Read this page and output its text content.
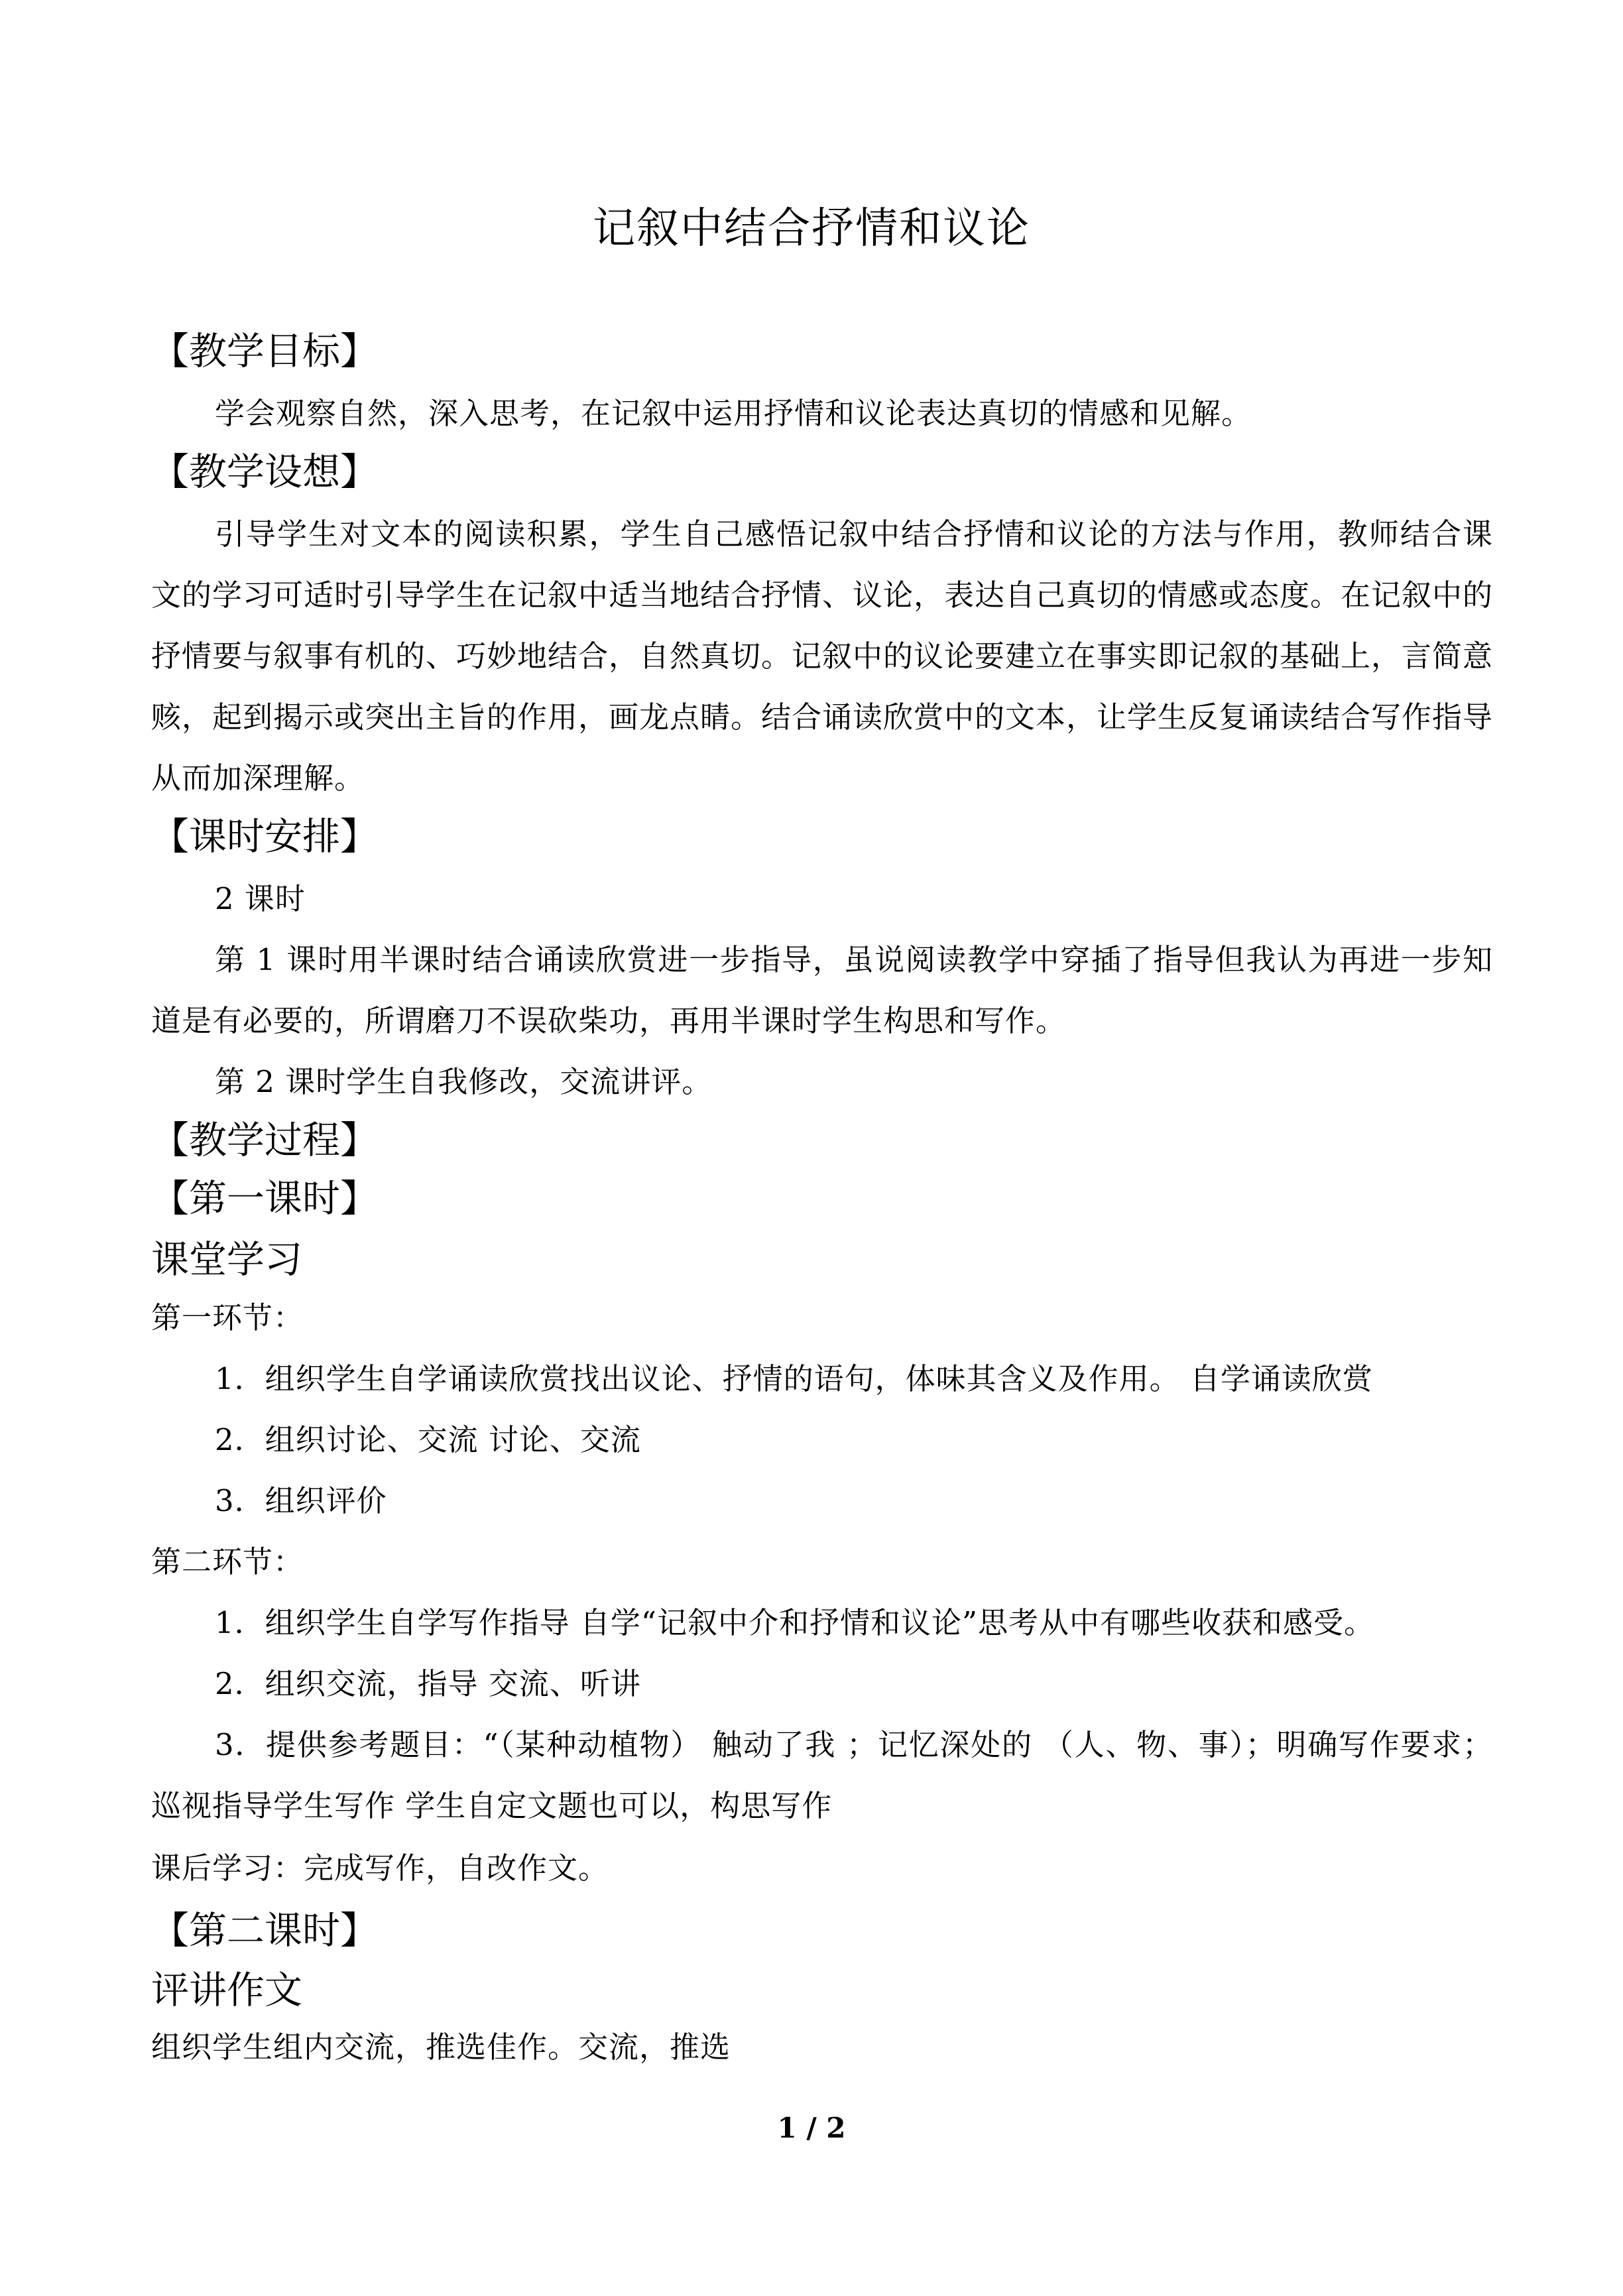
记叙中结合抒情和议论
【教学目标】
学会观察自然，深入思考，在记叙中运用抒情和议论表达真切的情感和见解。
【教学设想】
引导学生对文本的阅读积累，学生自己感悟记叙中结合抒情和议论的方法与作用，教师结合课文的学习可适时引导学生在记叙中适当地结合抒情、议论，表达自己真切的情感或态度。在记叙中的抒情要与叙事有机的、巧妙地结合，自然真切。记叙中的议论要建立在事实即记叙的基础上，言简意赅，起到揭示或突出主旨的作用，画龙点睛。结合诵读欣赏中的文本，让学生反复诵读结合写作指导从而加深理解。
【课时安排】
2 课时
第 1 课时用半课时结合诵读欣赏进一步指导，虽说阅读教学中穿插了指导但我认为再进一步知道是有必要的，所谓磨刀不误砍柴功，再用半课时学生构思和写作。
第 2 课时学生自我修改，交流讲评。
【教学过程】
【第一课时】
课堂学习
第一环节：
1．组织学生自学诵读欣赏找出议论、抒情的语句，体味其含义及作用。 自学诵读欣赏
2．组织讨论、交流 讨论、交流
3．组织评价
第二环节：
1．组织学生自学写作指导 自学“记叙中介和抒情和议论”思考从中有哪些收获和感受。
2．组织交流，指导 交流、听讲
3．提供参考题目：“（某种动植物） 触动了我 ；记忆深处的 （人、物、事）；明确写作要求；巡视指导学生写作 学生自定文题也可以，构思写作
课后学习：完成写作，自改作文。
【第二课时】
评讲作文
组织学生组内交流，推选佳作。交流，推选
1 / 2
